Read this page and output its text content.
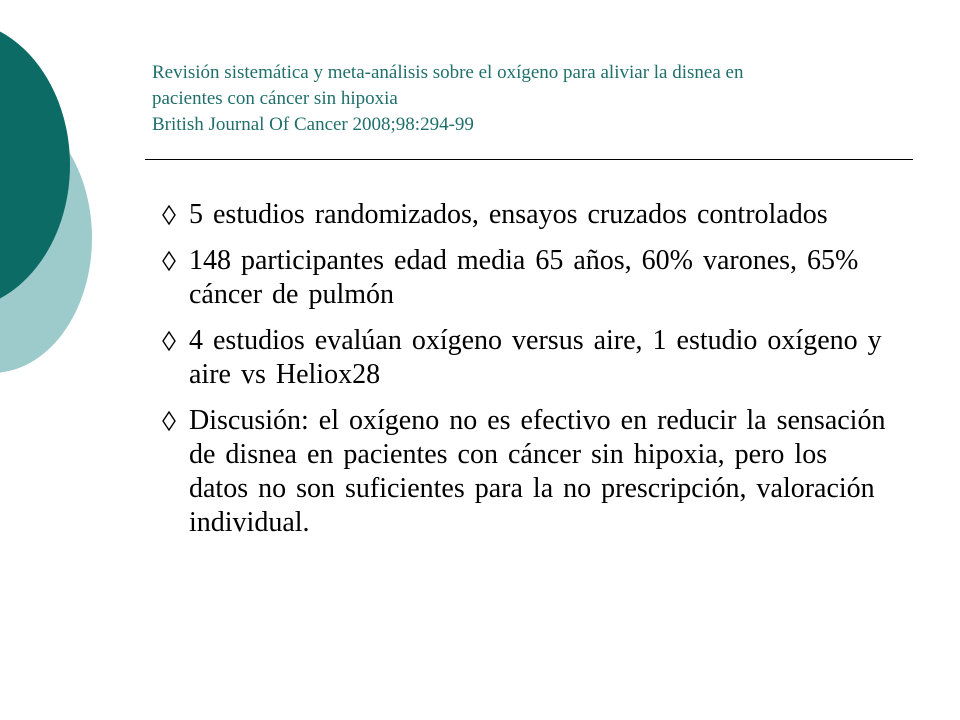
Revisión sistemática y meta-análisis sobre el oxígeno para aliviar la disnea en
pacientes con cáncer sin hipoxia
British Journal Of Cancer 2008;98:294-99
5 estudios randomizados, ensayos cruzados controlados
148 participantes edad media 65 años, 60% varones, 65% cáncer de pulmón
4 estudios evalúan oxígeno versus aire, 1 estudio oxígeno y aire vs Heliox28
Discusión: el oxígeno no es efectivo en reducir la sensación de disnea en pacientes con cáncer sin hipoxia, pero los datos no son suficientes para la no prescripción, valoración individual.
